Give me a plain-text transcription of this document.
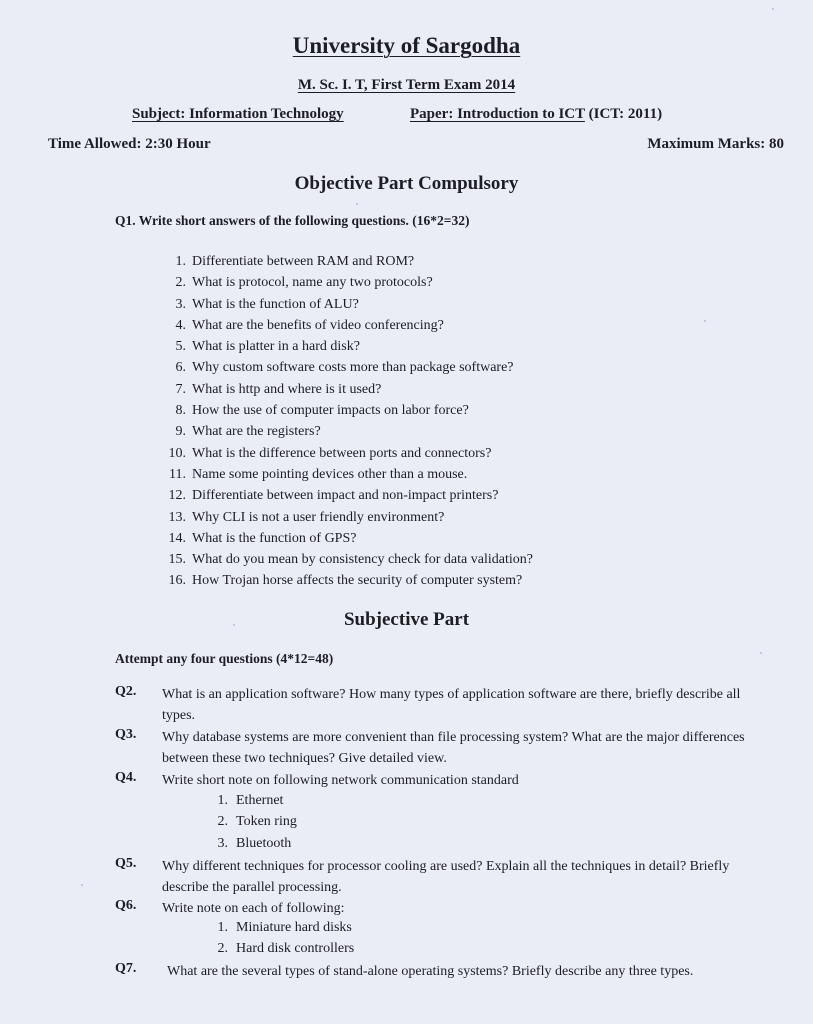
University of Sargodha
M. Sc. I. T, First Term Exam 2014
Subject: Information Technology	Paper: Introduction to ICT (ICT: 2011)
Time Allowed: 2:30 Hour	Maximum Marks: 80
Objective Part Compulsory
Q1. Write short answers of the following questions. (16*2=32)
1. Differentiate between RAM and ROM?
2. What is protocol, name any two protocols?
3. What is the function of ALU?
4. What are the benefits of video conferencing?
5. What is platter in a hard disk?
6. Why custom software costs more than package software?
7. What is http and where is it used?
8. How the use of computer impacts on labor force?
9. What are the registers?
10. What is the difference between ports and connectors?
11. Name some pointing devices other than a mouse.
12. Differentiate between impact and non-impact printers?
13. Why CLI is not a user friendly environment?
14. What is the function of GPS?
15. What do you mean by consistency check for data validation?
16. How Trojan horse affects the security of computer system?
Subjective Part
Attempt any four questions (4*12=48)
Q2. What is an application software? How many types of application software are there, briefly describe all types.
Q3. Why database systems are more convenient than file processing system? What are the major differences between these two techniques? Give detailed view.
Q4. Write short note on following network communication standard
1. Ethernet
2. Token ring
3. Bluetooth
Q5. Why different techniques for processor cooling are used? Explain all the techniques in detail? Briefly describe the parallel processing.
Q6. Write note on each of following:
1. Miniature hard disks
2. Hard disk controllers
Q7. What are the several types of stand-alone operating systems? Briefly describe any three types.
